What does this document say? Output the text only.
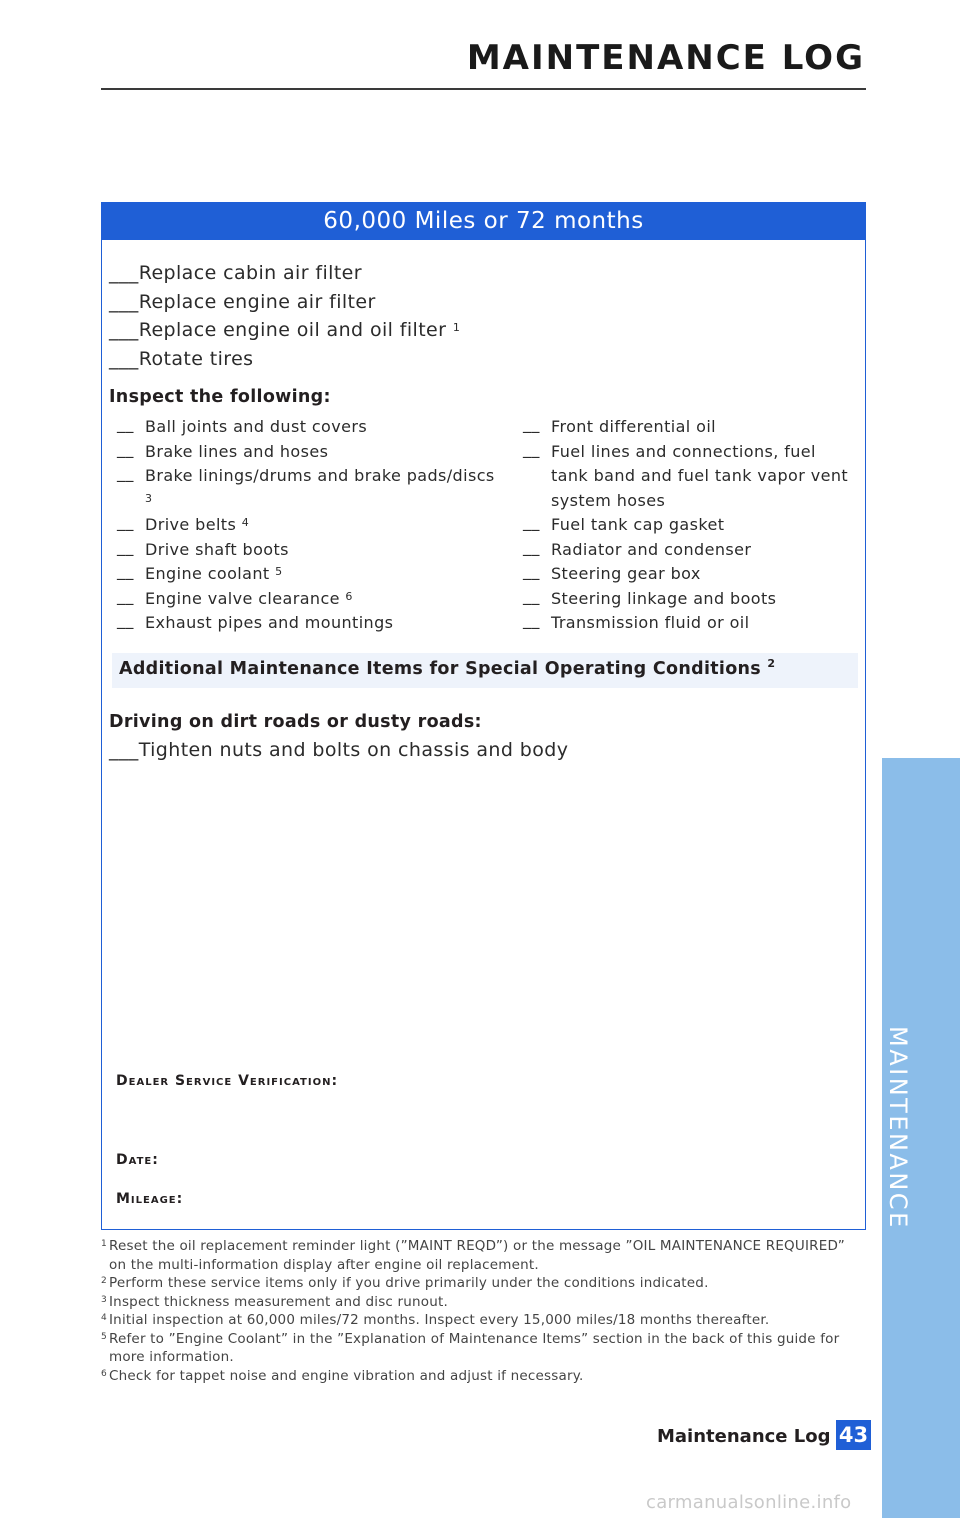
MAINTENANCE LOG
60,000 Miles or 72 months
___Replace cabin air filter
___Replace engine air filter
___Replace engine oil and oil filter $^1$
___Rotate tires
Inspect the following:
__ Ball joints and dust covers
__ Brake lines and hoses
__ Brake linings/drums and brake pads/discs $^3$
__ Drive belts $^4$
__ Drive shaft boots
__ Engine coolant $^5$
__ Engine valve clearance $^6$
__ Exhaust pipes and mountings
__ Front differential oil
__ Fuel lines and connections, fuel tank band and fuel tank vapor vent system hoses
__ Fuel tank cap gasket
__ Radiator and condenser
__ Steering gear box
__ Steering linkage and boots
__ Transmission fluid or oil
Additional Maintenance Items for Special Operating Conditions $^2$
Driving on dirt roads or dusty roads:
___Tighten nuts and bolts on chassis and body
Dealer Service Verification:
Date:
Mileage:
1 Reset the oil replacement reminder light (”MAINT REQD”) or the message ”OIL MAINTENANCE REQUIRED” on the multi-information display after engine oil replacement.
2 Perform these service items only if you drive primarily under the conditions indicated.
3 Inspect thickness measurement and disc runout.
4 Initial inspection at 60,000 miles/72 months. Inspect every 15,000 miles/18 months thereafter.
5 Refer to ”Engine Coolant” in the ”Explanation of Maintenance Items” section in the back of this guide for more information.
6 Check for tappet noise and engine vibration and adjust if necessary.
MAINTENANCE
Maintenance Log 43
carmanualsonline.info
